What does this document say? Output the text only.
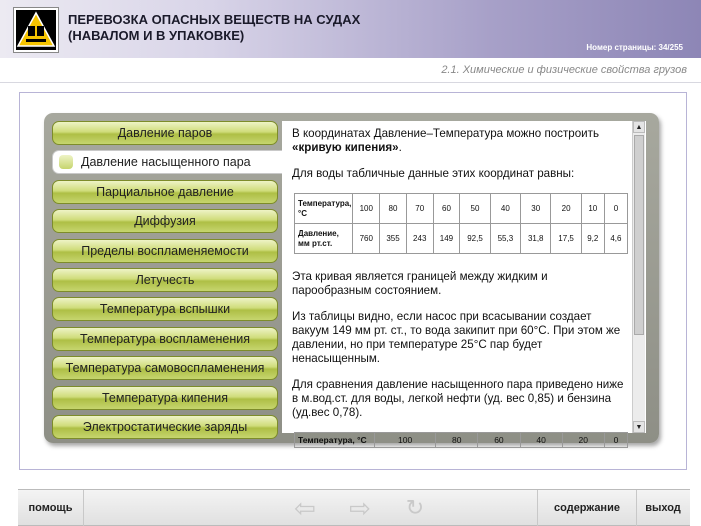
ПЕРЕВОЗКА ОПАСНЫХ ВЕЩЕСТВ НА СУДАХ
(НАВАЛОМ И В УПАКОВКЕ)
Номер страницы: 34/255
2.1. Химические и физические свойства грузов
Давление паров
Давление насыщенного пара
Парциальное давление
Диффузия
Пределы воспламеняемости
Летучесть
Температура вспышки
Температура воспламенения
Температура самовоспламенения
Температура кипения
Электростатические заряды

В координатах Давление–Температура можно построить «кривую кипения».

Для воды табличные данные этих координат равны:

Температура, °С	100	80	70	60	50	40	30	20	10	0
Давление, мм рт.ст.	760	355	243	149	92,5	55,3	31,8	17,5	9,2	4,6

Эта кривая является границей между жидким и парообразным состоянием.

Из таблицы видно, если насос при всасывании создает вакуум 149 мм рт. ст., то вода закипит при 60°С. При этом же давлении, но при температуре 25°С пар будет ненасыщенным.

Для сравнения давление насыщенного пара приведено ниже в м.вод.ст. для воды, легкой нефти (уд. вес 0,85) и бензина (уд.вес 0,78).

Температура, °С	100	80	60	40	20	0
▲
▼
помощь	⇦ ⇨	↻	содержание	выход
